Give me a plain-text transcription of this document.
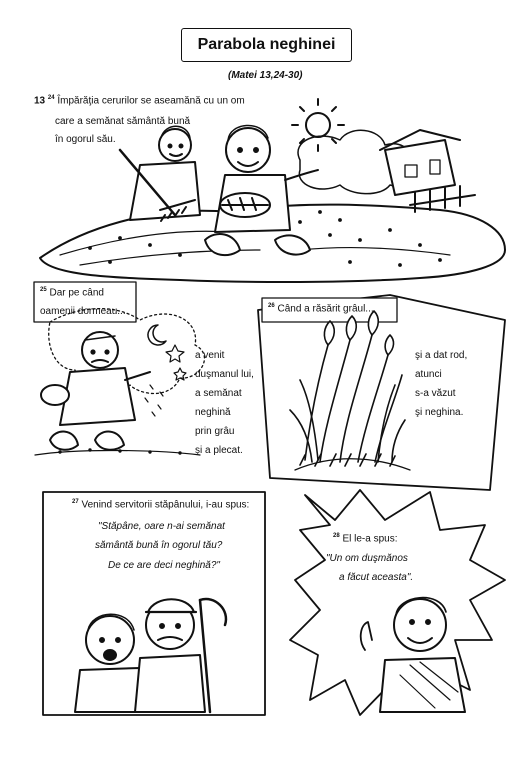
Parabola neghinei
(Matei 13,24-30)
13 $^{24}$ Împărăţia cerurilor se aseamănă cu un om
care a semănat sământă bună
în ogorul său.
$^{25}$ Dar pe când
oamenii dormeau...
a venit
duşmanul lui,
a semănat
neghină
prin grâu
şi a plecat.
$^{26}$ Când a răsărit grâul...
şi a dat rod,
atunci
s-a văzut
şi neghina.
$^{27}$ Venind servitorii stăpânului, i-au spus:
"Stăpâne, oare n-ai semănat
sământă bună în ogorul tău?
De ce are deci neghină?"
$^{28}$ El le-a spus:
"Un om duşmănos
a făcut aceasta".
